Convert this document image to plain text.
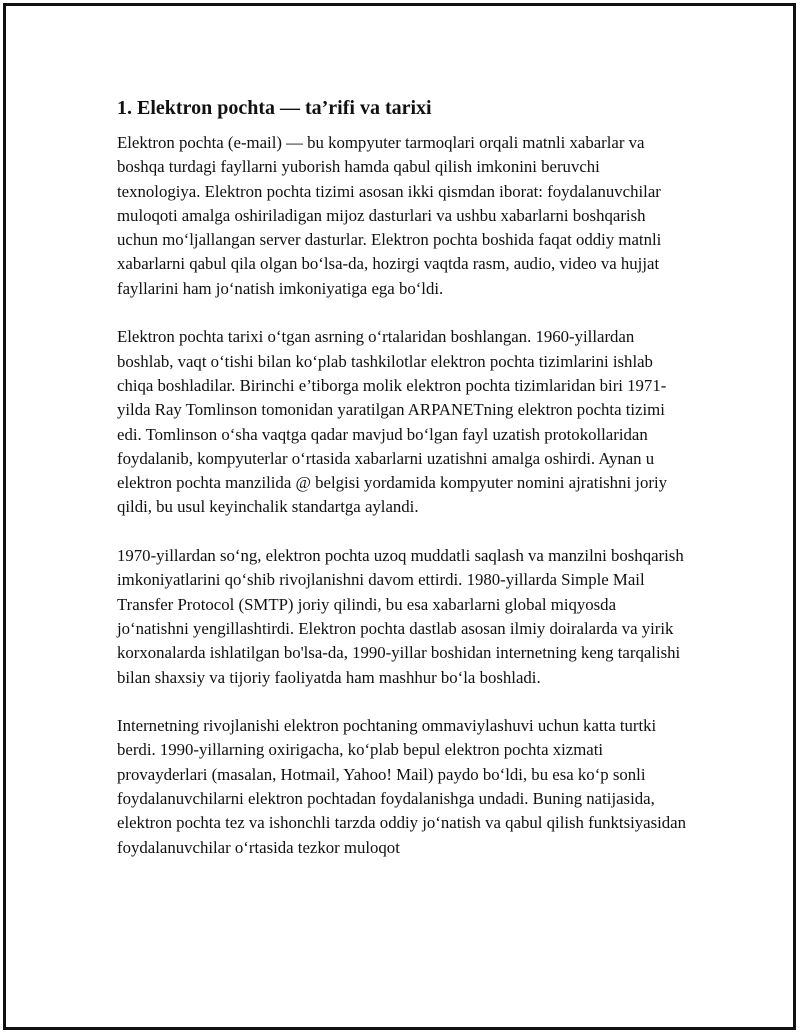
1. Elektron pochta — ta’rifi va tarixi

Elektron pochta (e-mail) — bu kompyuter tarmoqlari orqali matnli xabarlar va boshqa turdagi fayllarni yuborish hamda qabul qilish imkonini beruvchi texnologiya. Elektron pochta tizimi asosan ikki qismdan iborat: foydalanuvchilar muloqoti amalga oshiriladigan mijoz dasturlari va ushbu xabarlarni boshqarish uchun mo‘ljallangan server dasturlar. Elektron pochta boshida faqat oddiy matnli xabarlarni qabul qila olgan bo‘lsa-da, hozirgi vaqtda rasm, audio, video va hujjat fayllarini ham jo‘natish imkoniyatiga ega bo‘ldi.

Elektron pochta tarixi o‘tgan asrning o‘rtalaridan boshlangan. 1960-yillardan boshlab, vaqt o‘tishi bilan ko‘plab tashkilotlar elektron pochta tizimlarini ishlab chiqa boshladilar. Birinchi e’tiborga molik elektron pochta tizimlaridan biri 1971-yilda Ray Tomlinson tomonidan yaratilgan ARPANETning elektron pochta tizimi edi. Tomlinson o‘sha vaqtga qadar mavjud bo‘lgan fayl uzatish protokollaridan foydalanib, kompyuterlar o‘rtasida xabarlarni uzatishni amalga oshirdi. Aynan u elektron pochta manzilida @ belgisi yordamida kompyuter nomini ajratishni joriy qildi, bu usul keyinchalik standartga aylandi.

1970-yillardan so‘ng, elektron pochta uzoq muddatli saqlash va manzilni boshqarish imkoniyatlarini qo‘shib rivojlanishni davom ettirdi. 1980-yillarda Simple Mail Transfer Protocol (SMTP) joriy qilindi, bu esa xabarlarni global miqyosda jo‘natishni yengillashtirdi. Elektron pochta dastlab asosan ilmiy doiralarda va yirik korxonalarda ishlatilgan bo'lsa-da, 1990-yillar boshidan internetning keng tarqalishi bilan shaxsiy va tijoriy faoliyatda ham mashhur bo‘la boshladi.

Internetning rivojlanishi elektron pochtaning ommaviylashuvi uchun katta turtki berdi. 1990-yillarning oxirigacha, ko‘plab bepul elektron pochta xizmati provayderlari (masalan, Hotmail, Yahoo! Mail) paydo bo‘ldi, bu esa ko‘p sonli foydalanuvchilarni elektron pochtadan foydalanishga undadi. Buning natijasida, elektron pochta tez va ishonchli tarzda oddiy jo‘natish va qabul qilish funktsiyasidan foydalanuvchilar o‘rtasida tezkor muloqot
